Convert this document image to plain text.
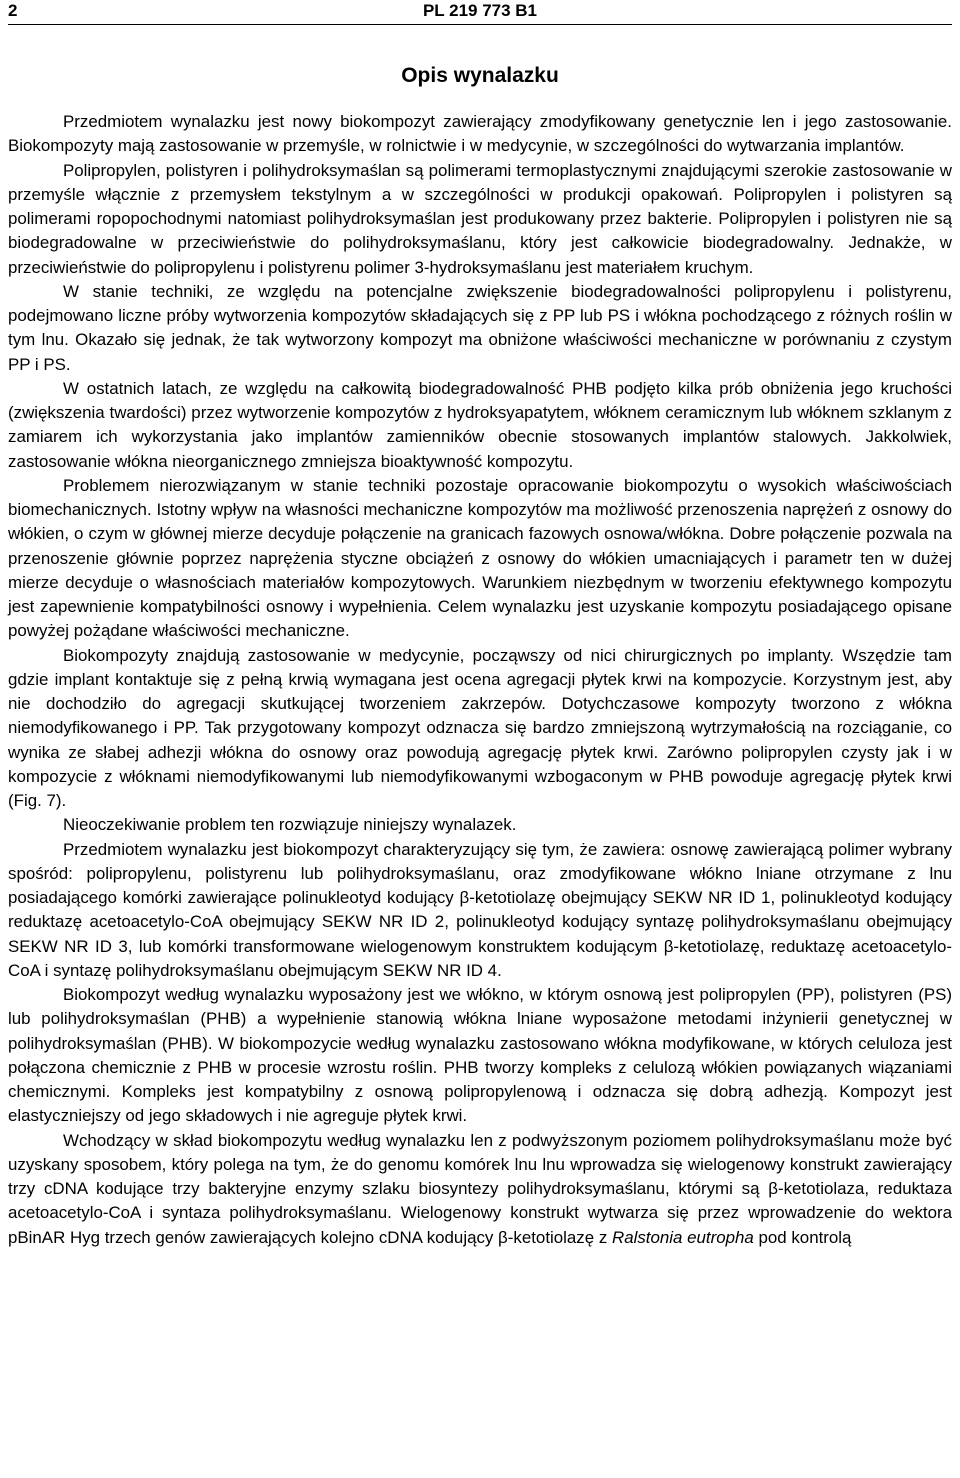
2	PL 219 773 B1
Opis wynalazku

Przedmiotem wynalazku jest nowy biokompozyt zawierający zmodyfikowany genetycznie len i jego zastosowanie. Biokompozyty mają zastosowanie w przemyśle, w rolnictwie i w medycynie, w szczególności do wytwarzania implantów.

Polipropylen, polistyren i polihydroksymaślan są polimerami termoplastycznymi znajdującymi szerokie zastosowanie w przemyśle włącznie z przemysłem tekstylnym a w szczególności w produkcji opakowań. Polipropylen i polistyren są polimerami ropopochodnymi natomiast polihydroksymaślan jest produkowany przez bakterie. Polipropylen i polistyren nie są biodegradowalne w przeciwieństwie do polihydroksymaślanu, który jest całkowicie biodegradowalny. Jednakże, w przeciwieństwie do polipropylenu i polistyrenu polimer 3-hydroksymaślanu jest materiałem kruchym.

W stanie techniki, ze względu na potencjalne zwiększenie biodegradowalności polipropylenu i polistyrenu, podejmowano liczne próby wytworzenia kompozytów składających się z PP lub PS i włókna pochodzącego z różnych roślin w tym lnu. Okazało się jednak, że tak wytworzony kompozyt ma obniżone właściwości mechaniczne w porównaniu z czystym PP i PS.

W ostatnich latach, ze względu na całkowitą biodegradowalność PHB podjęto kilka prób obniżenia jego kruchości (zwiększenia twardości) przez wytworzenie kompozytów z hydroksyapatytem, włóknem ceramicznym lub włóknem szklanym z zamiarem ich wykorzystania jako implantów zamienników obecnie stosowanych implantów stalowych. Jakkolwiek, zastosowanie włókna nieorganicznego zmniejsza bioaktywność kompozytu.

Problemem nierozwiązanym w stanie techniki pozostaje opracowanie biokompozytu o wysokich właściwościach biomechanicznych. Istotny wpływ na własności mechaniczne kompozytów ma możliwość przenoszenia naprężeń z osnowy do włókien, o czym w głównej mierze decyduje połączenie na granicach fazowych osnowa/włókna. Dobre połączenie pozwala na przenoszenie głównie poprzez naprężenia styczne obciążeń z osnowy do włókien umacniających i parametr ten w dużej mierze decyduje o własnościach materiałów kompozytowych. Warunkiem niezbędnym w tworzeniu efektywnego kompozytu jest zapewnienie kompatybilności osnowy i wypełnienia. Celem wynalazku jest uzyskanie kompozytu posiadającego opisane powyżej pożądane właściwości mechaniczne.

Biokompozyty znajdują zastosowanie w medycynie, począwszy od nici chirurgicznych po implanty. Wszędzie tam gdzie implant kontaktuje się z pełną krwią wymagana jest ocena agregacji płytek krwi na kompozycie. Korzystnym jest, aby nie dochodziło do agregacji skutkującej tworzeniem zakrzepów. Dotychczasowe kompozyty tworzono z włókna niemodyfikowanego i PP. Tak przygotowany kompozyt odznacza się bardzo zmniejszoną wytrzymałością na rozciąganie, co wynika ze słabej adhezji włókna do osnowy oraz powodują agregację płytek krwi. Zarówno polipropylen czysty jak i w kompozycie z włóknami niemodyfikowanymi lub niemodyfikowanymi wzbogaconym w PHB powoduje agregację płytek krwi (Fig. 7).

Nieoczekiwanie problem ten rozwiązuje niniejszy wynalazek.

Przedmiotem wynalazku jest biokompozyt charakteryzujący się tym, że zawiera: osnowę zawierającą polimer wybrany spośród: polipropylenu, polistyrenu lub polihydroksymaślanu, oraz zmodyfikowane włókno lniane otrzymane z lnu posiadającego komórki zawierające polinukleotyd kodujący β-ketotiolazę obejmujący SEKW NR ID 1, polinukleotyd kodujący reduktazę acetoacetylo-CoA obejmujący SEKW NR ID 2, polinukleotyd kodujący syntazę polihydroksymaślanu obejmujący SEKW NR ID 3, lub komórki transformowane wielogenowym konstruktem kodującym β-ketotiolazę, reduktazę acetoacetylo-CoA i syntazę polihydroksymaślanu obejmującym SEKW NR ID 4.

Biokompozyt według wynalazku wyposażony jest we włókno, w którym osnową jest polipropylen (PP), polistyren (PS) lub polihydroksymaślan (PHB) a wypełnienie stanowią włókna lniane wyposażone metodami inżynierii genetycznej w polihydroksymaślan (PHB). W biokompozycie według wynalazku zastosowano włókna modyfikowane, w których celuloza jest połączona chemicznie z PHB w procesie wzrostu roślin. PHB tworzy kompleks z celulozą włókien powiązanych wiązaniami chemicznymi. Kompleks jest kompatybilny z osnową polipropylenową i odznacza się dobrą adhezją. Kompozyt jest elastyczniejszy od jego składowych i nie agreguje płytek krwi.

Wchodzący w skład biokompozytu według wynalazku len z podwyższonym poziomem polihydroksymaślanu może być uzyskany sposobem, który polega na tym, że do genomu komórek lnu lnu wprowadza się wielogenowy konstrukt zawierający trzy cDNA kodujące trzy bakteryjne enzymy szlaku biosyntezy polihydroksymaślanu, którymi są β-ketotiolaza, reduktaza acetoacetylo-CoA i syntaza polihydroksymaślanu. Wielogenowy konstrukt wytwarza się przez wprowadzenie do wektora pBinAR Hyg trzech genów zawierających kolejno cDNA kodujący β-ketotiolazę z Ralstonia eutropha pod kontrolą
